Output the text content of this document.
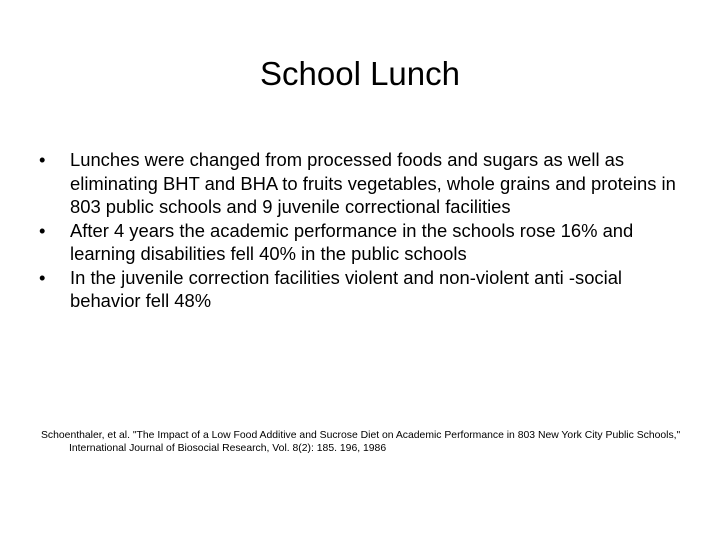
School Lunch
• Lunches were changed from processed foods and sugars as well as eliminating BHT and BHA to fruits vegetables, whole grains and proteins in 803 public schools and 9 juvenile correctional facilities
• After 4 years the academic performance in the schools rose 16% and learning disabilities fell 40% in the public schools
• In the juvenile correction facilities violent and non-violent anti -social behavior fell 48%

Schoenthaler, et al. "The Impact of a Low Food Additive and Sucrose Diet on Academic Performance in 803 New York City Public Schools," International Journal of Biosocial Research, Vol. 8(2): 185. 196, 1986
